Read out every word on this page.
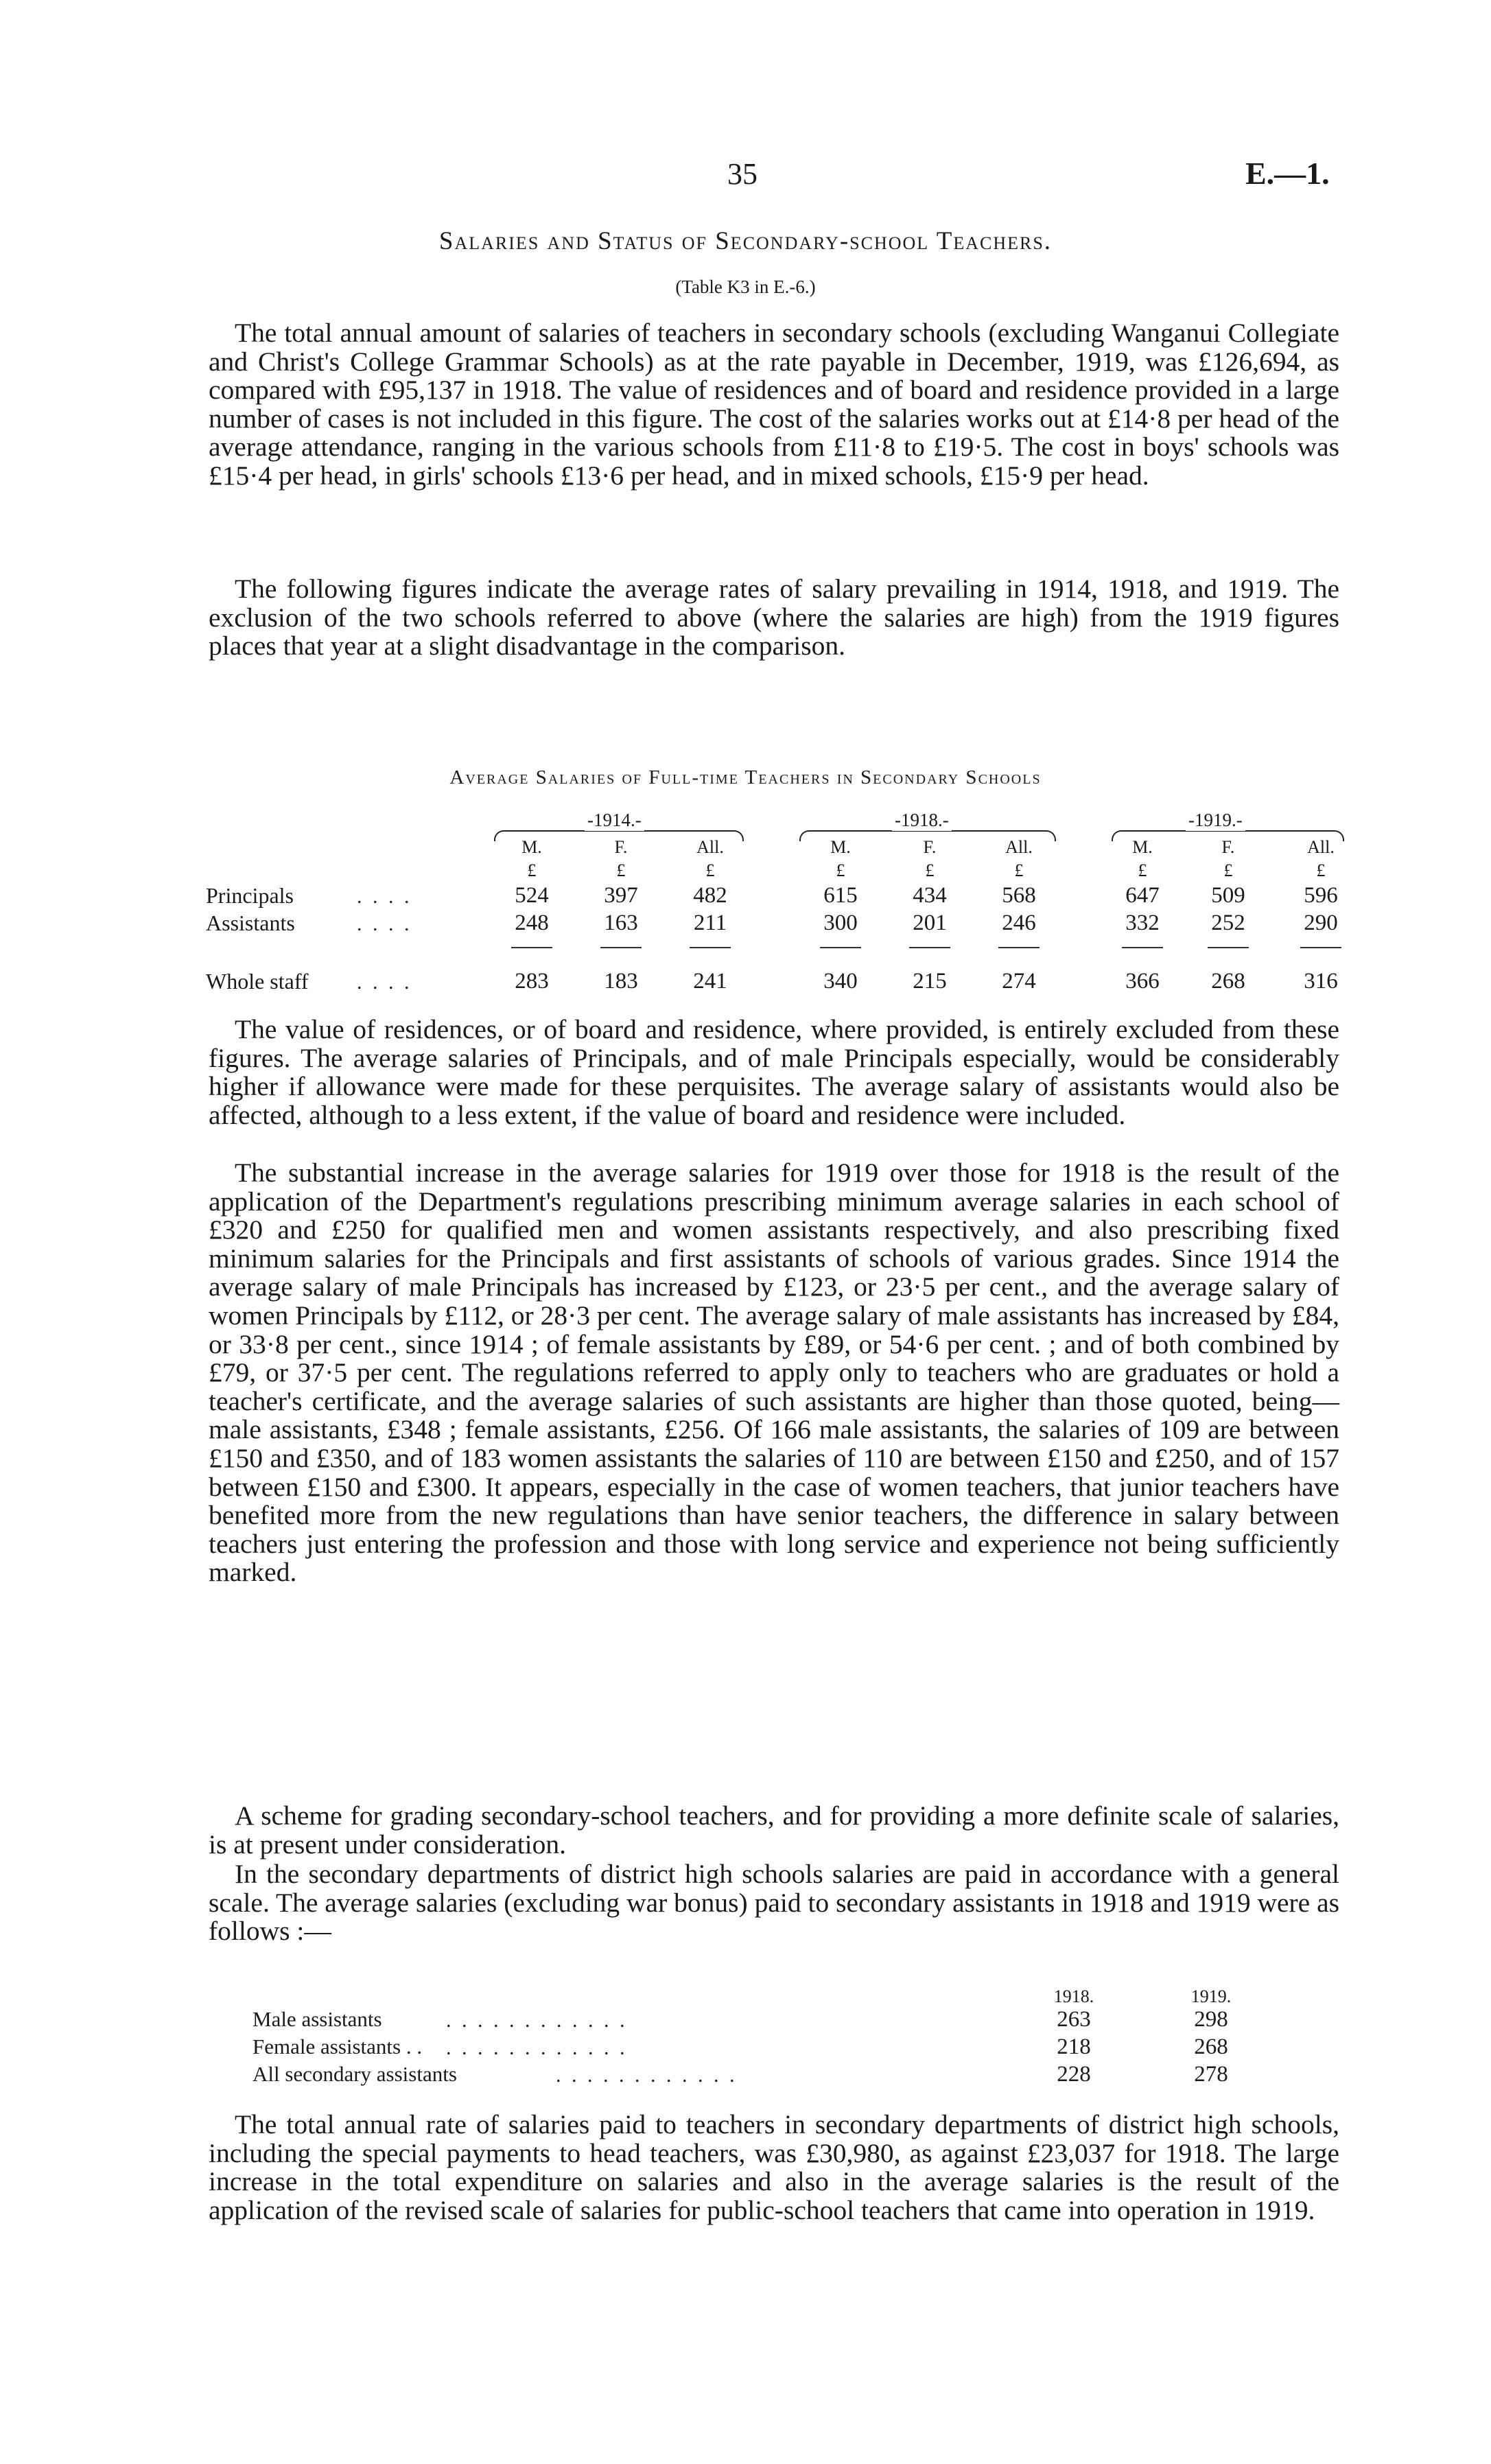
35	E.—1.
Salaries and Status of Secondary-school Teachers.
(Table K3 in E.-6.)

The total annual amount of salaries of teachers in secondary schools (excluding Wanganui Collegiate and Christ's College Grammar Schools) as at the rate payable in December, 1919, was £126,694, as compared with £95,137 in 1918. The value of residences and of board and residence provided in a large number of cases is not included in this figure. The cost of the salaries works out at £14·8 per head of the average attendance, ranging in the various schools from £11·8 to £19·5. The cost in boys' schools was £15·4 per head, in girls' schools £13·6 per head, and in mixed schools, £15·9 per head.

The following figures indicate the average rates of salary prevailing in 1914, 1918, and 1919. The exclusion of the two schools referred to above (where the salaries are high) from the 1919 figures places that year at a slight disadvantage in the comparison.

Average Salaries of Full-time Teachers in Secondary Schools
-1914.-	-1918.-	-1919.-
M.	F.	All.	M.	F.	All.	M.	F.	All.
£	£	£	£	£	£	£	£	£
Principals	. . . .	524	397	482	615	434	568	647	509	596
Assistants	. . . .	248	163	211	300	201	246	332	252	290
Whole staff . . . .	283	183	241	340	215	274	366	268	316

The value of residences, or of board and residence, where provided, is entirely excluded from these figures. The average salaries of Principals, and of male Principals especially, would be considerably higher if allowance were made for these perquisites. The average salary of assistants would also be affected, although to a less extent, if the value of board and residence were included.

The substantial increase in the average salaries for 1919 over those for 1918 is the result of the application of the Department's regulations prescribing minimum average salaries in each school of £320 and £250 for qualified men and women assistants respectively, and also prescribing fixed minimum salaries for the Principals and first assistants of schools of various grades. Since 1914 the average salary of male Principals has increased by £123, or 23·5 per cent., and the average salary of women Principals by £112, or 28·3 per cent. The average salary of male assistants has increased by £84, or 33·8 per cent., since 1914 ; of female assistants by £89, or 54·6 per cent. ; and of both combined by £79, or 37·5 per cent. The regulations referred to apply only to teachers who are graduates or hold a teacher's certificate, and the average salaries of such assistants are higher than those quoted, being—male assistants, £348 ; female assistants, £256. Of 166 male assistants, the salaries of 109 are between £150 and £350, and of 183 women assistants the salaries of 110 are between £150 and £250, and of 157 between £150 and £300. It appears, especially in the case of women teachers, that junior teachers have benefited more from the new regulations than have senior teachers, the difference in salary between teachers just entering the profession and those with long service and experience not being sufficiently marked.

A scheme for grading secondary-school teachers, and for providing a more definite scale of salaries, is at present under consideration.

In the secondary departments of district high schools salaries are paid in accordance with a general scale. The average salaries (excluding war bonus) paid to secondary assistants in 1918 and 1919 were as follows :—

1918.	1919.
Male assistants	. . . . . . . . . . . .	263	298
Female assistants . . . . . . . . . . . . . .	218	268
All secondary assistants	. . . . . . . . . . . .	228	278

The total annual rate of salaries paid to teachers in secondary departments of district high schools, including the special payments to head teachers, was £30,980, as against £23,037 for 1918. The large increase in the total expenditure on salaries and also in the average salaries is the result of the application of the revised scale of salaries for public-school teachers that came into operation in 1919.
